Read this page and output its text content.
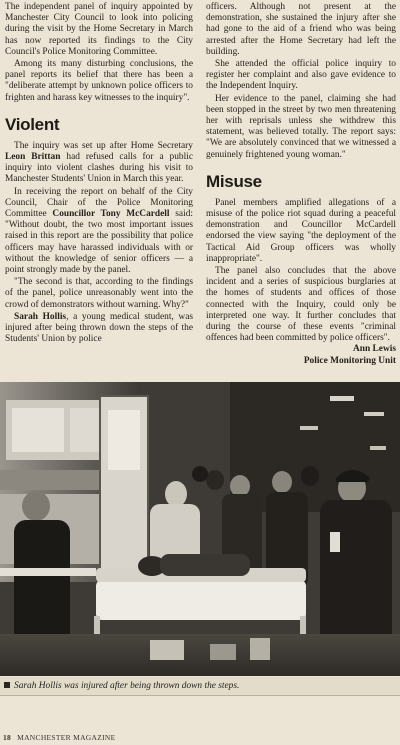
The independent panel of inquiry appointed by Manchester City Council to look into policing during the visit by the Home Secretary in March has now reported its findings to the City Council's Police Monitoring Committee.

Among its many disturbing conclusions, the panel reports its belief that there has been a "deliberate attempt by unknown police officers to frighten and harass key witnesses to the inquiry".

Violent

The inquiry was set up after Home Secretary Leon Brittan had refused calls for a public inquiry into violent clashes during his visit to Manchester Students' Union in March this year.

In receiving the report on behalf of the City Council, Chair of the Police Monitoring Committee Councillor Tony McCardell said: "Without doubt, the two most important issues raised in this report are the possibility that police officers may have harassed individuals with or without the knowledge of senior officers — a point strongly made by the panel.

"The second is that, according to the findings of the panel, police unreasonably went into the crowd of demonstrators without warning. Why?"

Sarah Hollis, a young medical student, was injured after being thrown down the steps of the Students' Union by police

officers. Although not present at the demonstration, she sustained the injury after she had gone to the aid of a friend who was being arrested after the Home Secretary had left the building.

She attended the official police inquiry to register her complaint and also gave evidence to the Independent Inquiry.

Her evidence to the panel, claiming she had been stopped in the street by two men threatening her with reprisals unless she withdrew this statement, was believed totally. The report says: "We are absolutely convinced that we witnessed a genuinely frightened young woman."

Misuse

Panel members amplified allegations of a misuse of the police riot squad during a peaceful demonstration and Councillor McCardell endorsed the view saying "the deployment of the Tactical Aid Group officers was wholly inappropriate".

The panel also concludes that the above incident and a series of suspicious burglaries at the homes of students and offices of those connected with the Inquiry, could only be interpreted one way. It further concludes that during the course of these events "criminal offences had been committed by police officers".

Ann Lewis
Police Monitoring Unit
Sarah Hollis was injured after being thrown down the steps.
18 MANCHESTER MAGAZINE
